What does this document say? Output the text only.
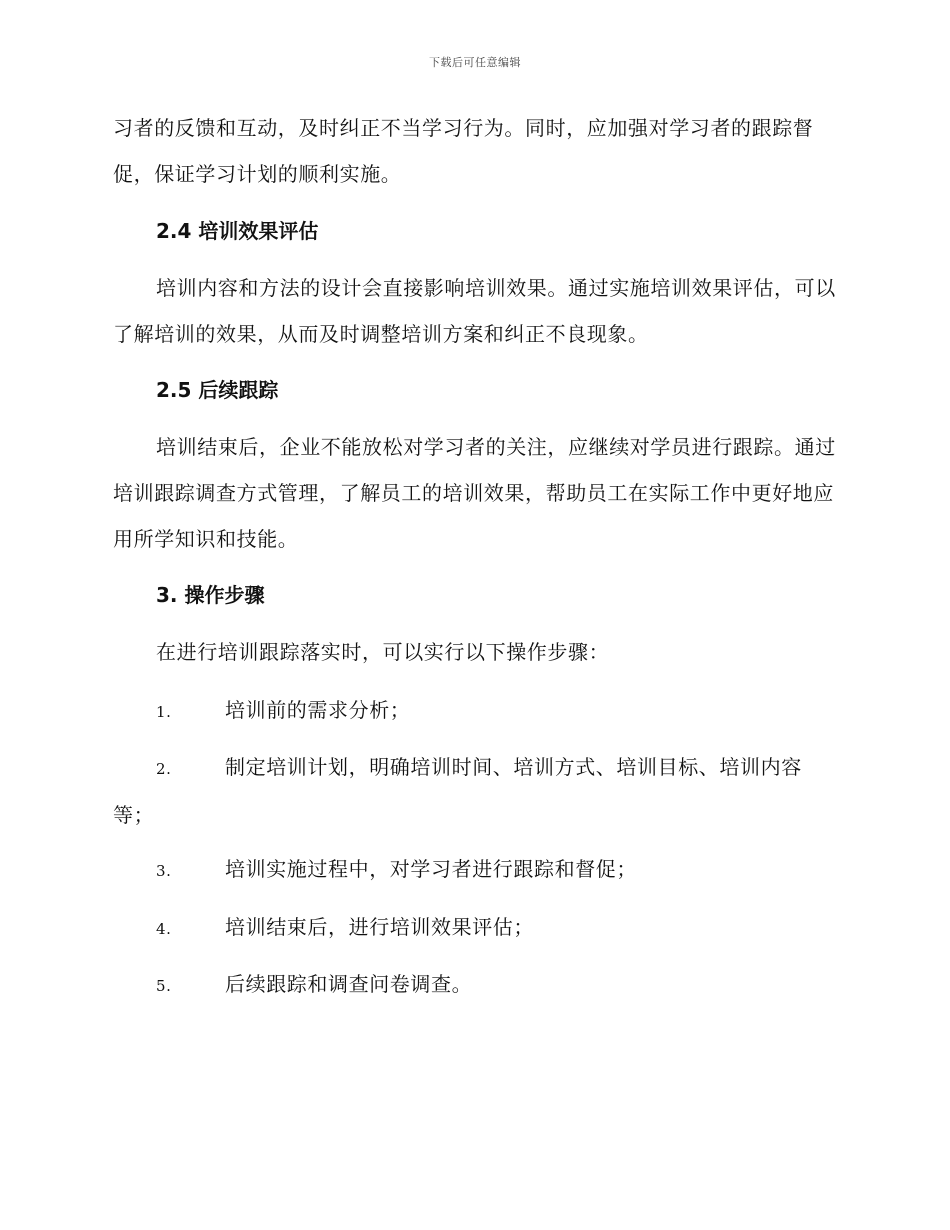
下载后可任意编辑

习者的反馈和互动，及时纠正不当学习行为。同时，应加强对学习者的跟踪督促，保证学习计划的顺利实施。

2.4 培训效果评估

培训内容和方法的设计会直接影响培训效果。通过实施培训效果评估，可以了解培训的效果，从而及时调整培训方案和纠正不良现象。

2.5 后续跟踪

培训结束后，企业不能放松对学习者的关注，应继续对学员进行跟踪。通过培训跟踪调查方式管理，了解员工的培训效果，帮助员工在实际工作中更好地应用所学知识和技能。

3. 操作步骤

在进行培训跟踪落实时，可以实行以下操作步骤：

1.	培训前的需求分析；

2.	制定培训计划，明确培训时间、培训方式、培训目标、培训内容等；

3.	培训实施过程中，对学习者进行跟踪和督促；

4.	培训结束后，进行培训效果评估；

5.	后续跟踪和调查问卷调查。
